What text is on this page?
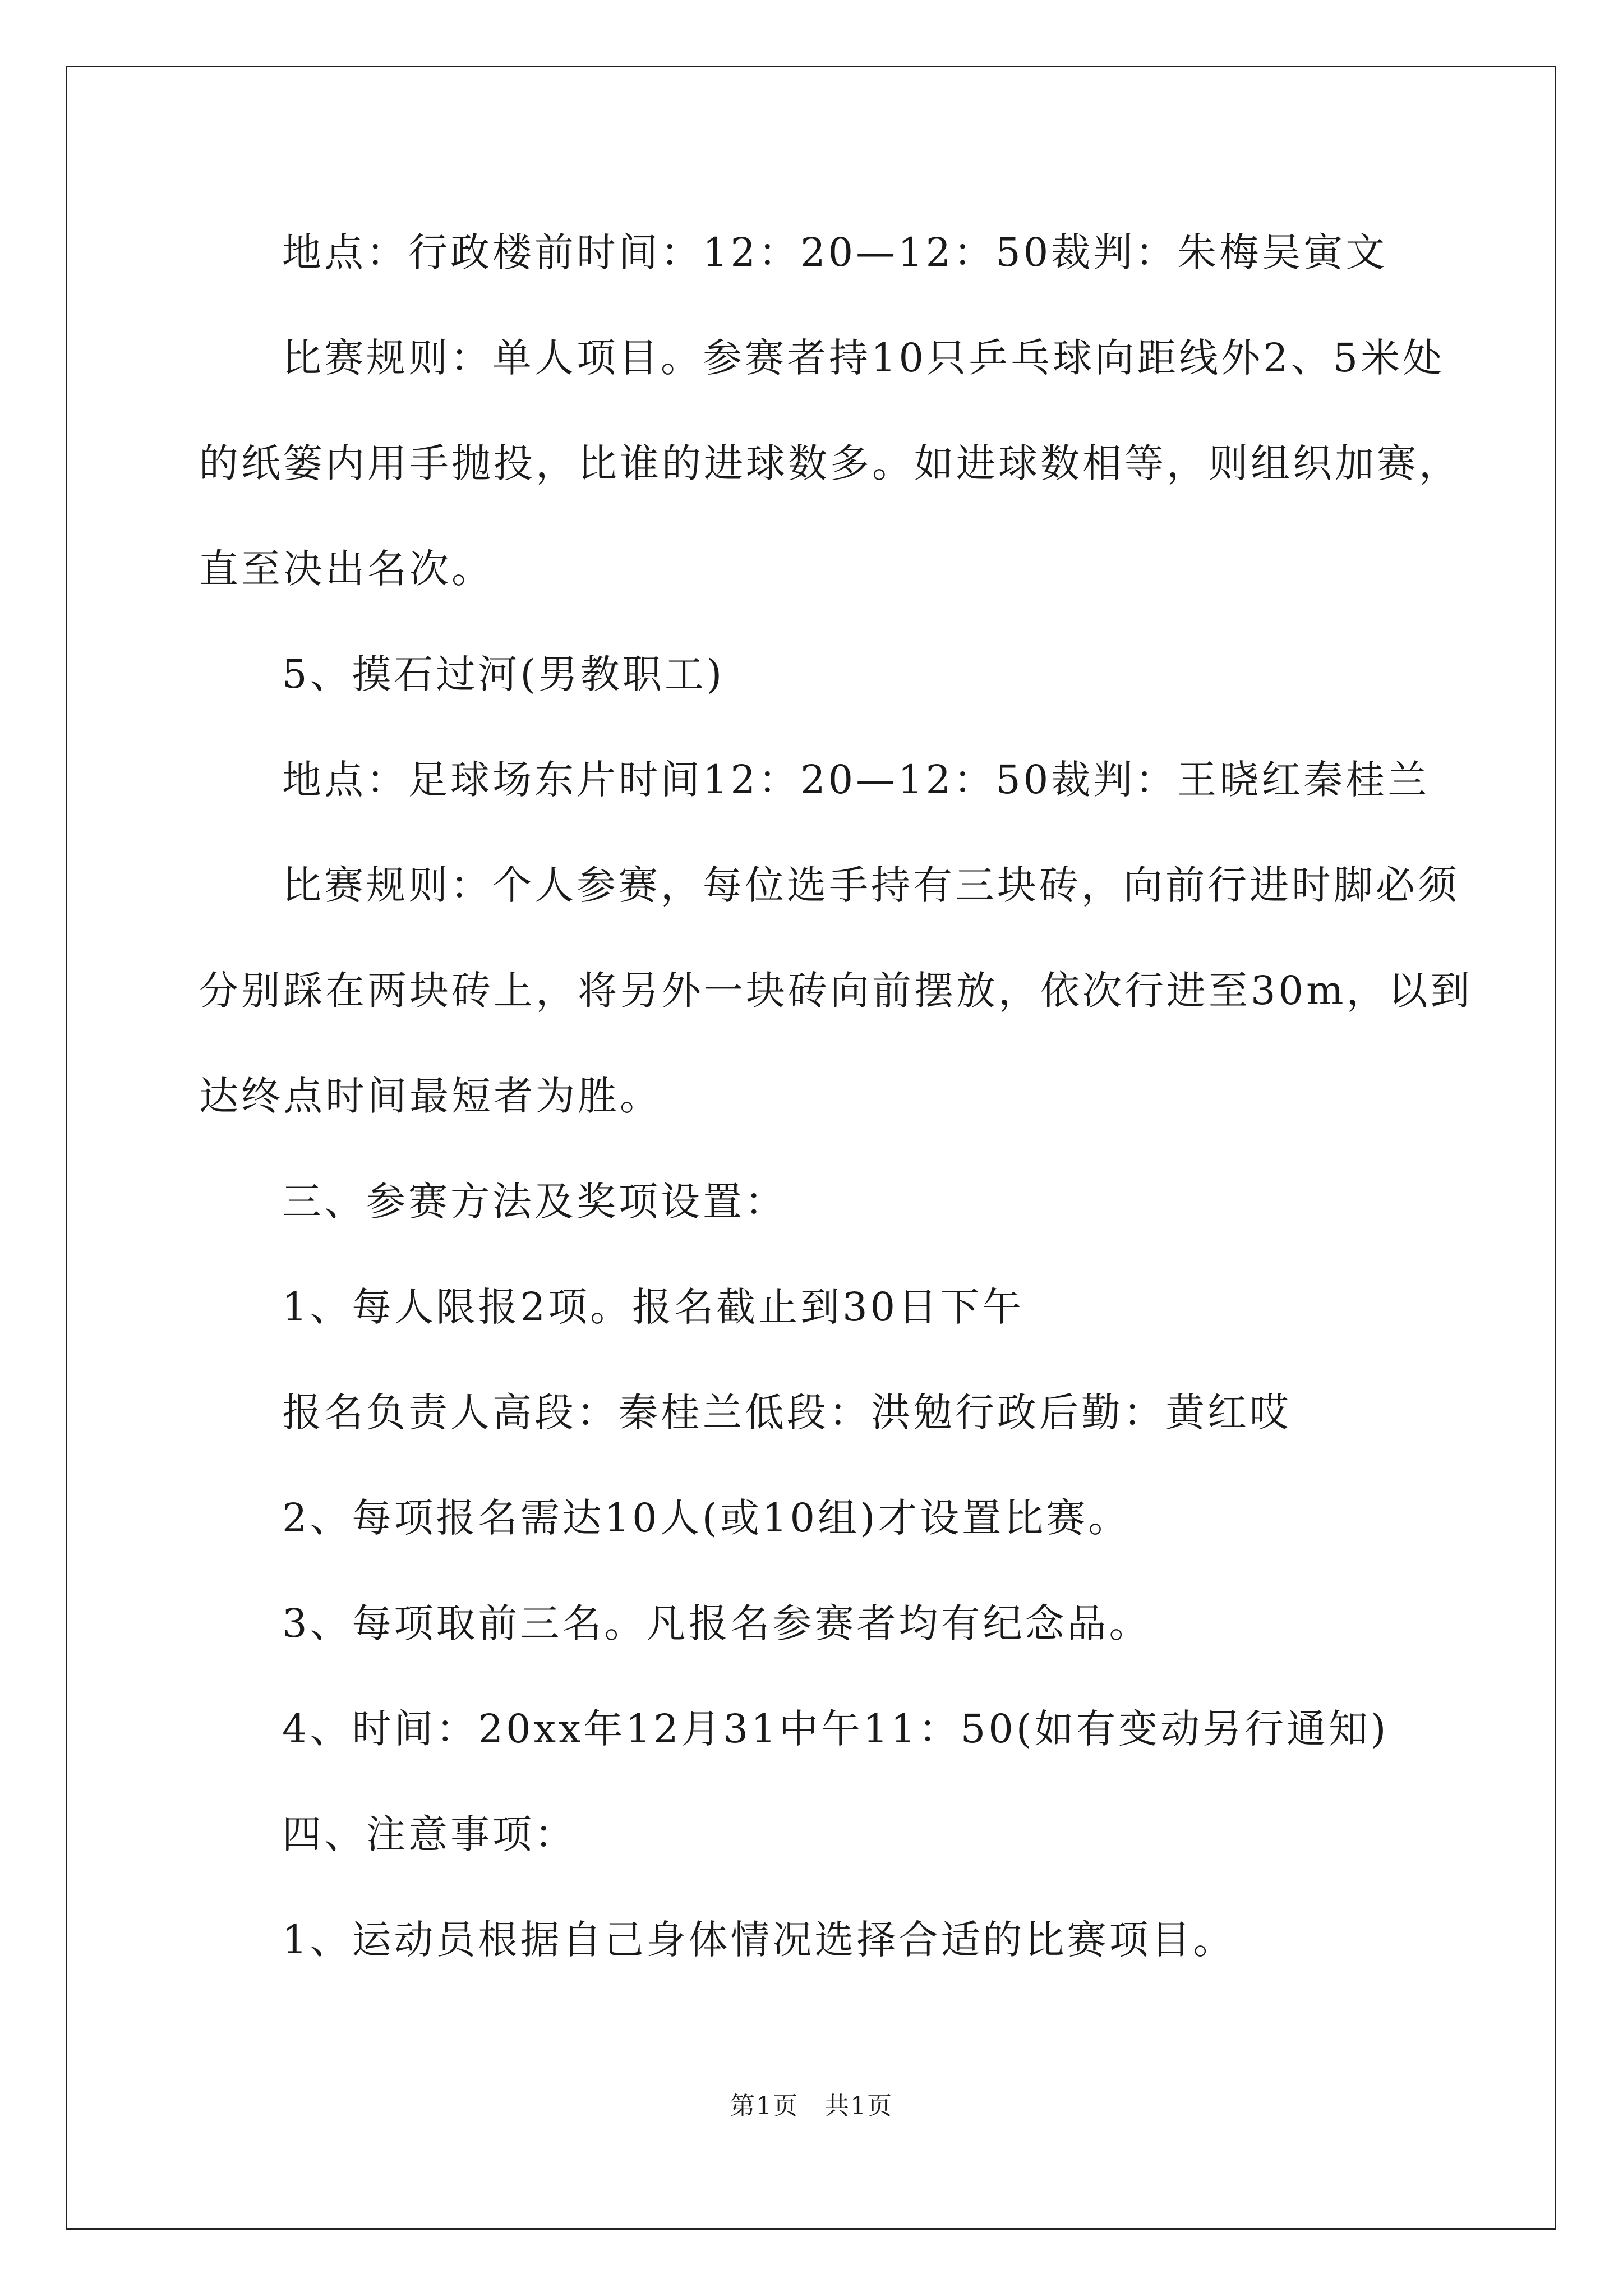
地点：行政楼前时间：12：20—12：50裁判：朱梅吴寅文
比赛规则：单人项目。参赛者持10只乒乓球向距线外2、5米处
的纸篓内用手抛投，比谁的进球数多。如进球数相等，则组织加赛，
直至决出名次。
5、摸石过河(男教职工)
地点：足球场东片时间12：20—12：50裁判：王晓红秦桂兰
比赛规则：个人参赛，每位选手持有三块砖，向前行进时脚必须
分别踩在两块砖上，将另外一块砖向前摆放，依次行进至30m，以到
达终点时间最短者为胜。
三、参赛方法及奖项设置：
1、每人限报2项。报名截止到30日下午
报名负责人高段：秦桂兰低段：洪勉行政后勤：黄红哎
2、每项报名需达10人(或10组)才设置比赛。
3、每项取前三名。凡报名参赛者均有纪念品。
4、时间：20xx年12月31中午11：50(如有变动另行通知)
四、注意事项：
1、运动员根据自己身体情况选择合适的比赛项目。
第1页　共1页
